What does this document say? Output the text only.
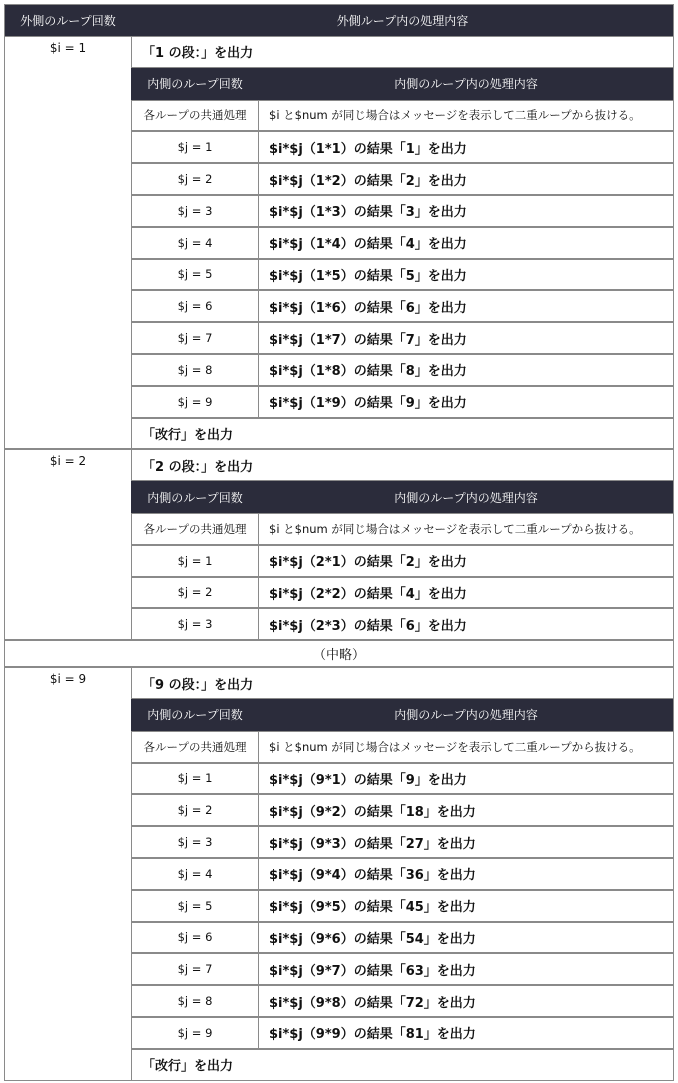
外側のループ回数	外側ループ内の処理内容
$i = 1	「1 の段：」を出力
内側のループ回数	内側のループ内の処理内容
各ループの共通処理	$i と$num が同じ場合はメッセージを表示して二重ループから抜ける。
$j = 1	$i*$j（1*1）の結果「1」を出力
$j = 2	$i*$j（1*2）の結果「2」を出力
$j = 3	$i*$j（1*3）の結果「3」を出力
$j = 4	$i*$j（1*4）の結果「4」を出力
$j = 5	$i*$j（1*5）の結果「5」を出力
$j = 6	$i*$j（1*6）の結果「6」を出力
$j = 7	$i*$j（1*7）の結果「7」を出力
$j = 8	$i*$j（1*8）の結果「8」を出力
$j = 9	$i*$j（1*9）の結果「9」を出力
「改行」を出力
$i = 2	「2 の段：」を出力
内側のループ回数	内側のループ内の処理内容
各ループの共通処理	$i と$num が同じ場合はメッセージを表示して二重ループから抜ける。
$j = 1	$i*$j（2*1）の結果「2」を出力
$j = 2	$i*$j（2*2）の結果「4」を出力
$j = 3	$i*$j（2*3）の結果「6」を出力
（中略）
$i = 9	「9 の段：」を出力
内側のループ回数	内側のループ内の処理内容
各ループの共通処理	$i と$num が同じ場合はメッセージを表示して二重ループから抜ける。
$j = 1	$i*$j（9*1）の結果「9」を出力
$j = 2	$i*$j（9*2）の結果「18」を出力
$j = 3	$i*$j（9*3）の結果「27」を出力
$j = 4	$i*$j（9*4）の結果「36」を出力
$j = 5	$i*$j（9*5）の結果「45」を出力
$j = 6	$i*$j（9*6）の結果「54」を出力
$j = 7	$i*$j（9*7）の結果「63」を出力
$j = 8	$i*$j（9*8）の結果「72」を出力
$j = 9	$i*$j（9*9）の結果「81」を出力
「改行」を出力
